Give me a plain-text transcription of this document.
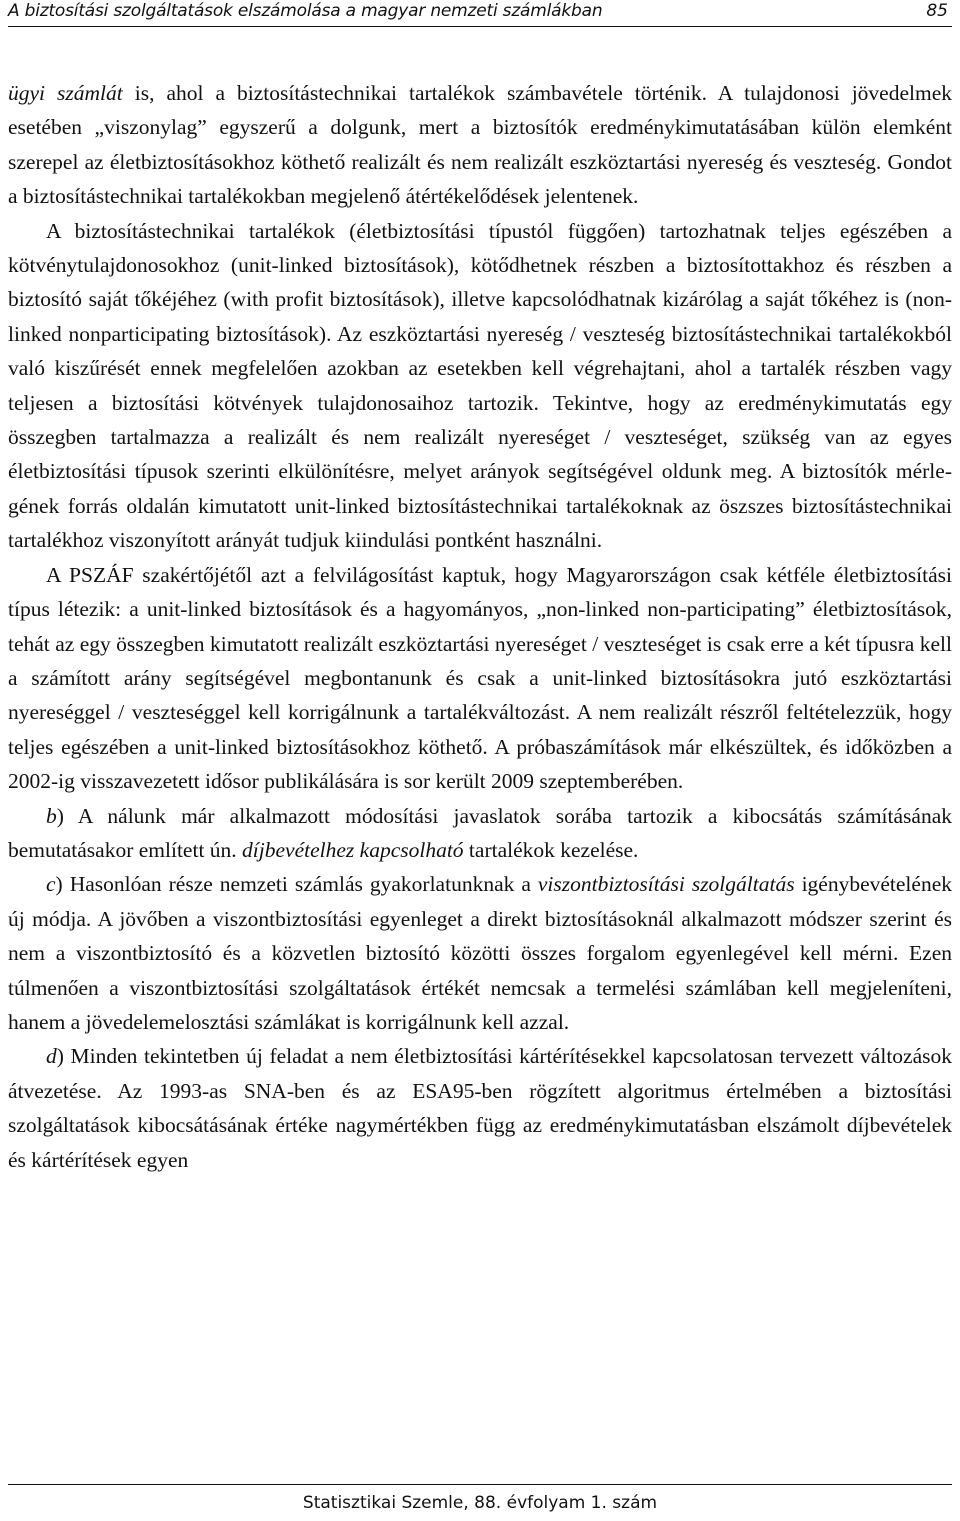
A biztosítási szolgáltatások elszámolása a magyar nemzeti számlákban	85

ügyi számlát is, ahol a biztosítástechnikai tartalékok számbavétele történik. A tulajdonosi jövedelmek esetében „viszonylag” egyszerű a dolgunk, mert a biztosítók eredménykimutatásában külön elemként szerepel az életbiztosításokhoz köthető realizált és nem realizált eszköztartási nyereség és veszteség. Gondot a biztosítástechnikai tartalékokban megjelenő átértékelődések jelentenek.

A biztosítástechnikai tartalékok (életbiztosítási típustól függően) tartozhatnak teljes egészében a kötvénytulajdonosokhoz (unit-linked biztosítások), kötődhetnek részben a biztosítottakhoz és részben a biztosító saját tőkéjéhez (with profit biztosítások), illetve kapcsolódhatnak kizárólag a saját tőkéhez is (non-linked nonparticipating biztosítások). Az eszköztartási nyereség / veszteség biztosítástechnikai tartalékokból való kiszűrését ennek megfelelően azokban az esetekben kell végrehajtani, ahol a tartalék részben vagy teljesen a biztosítási kötvények tulajdonosaihoz tartozik. Tekintve, hogy az eredménykimutatás egy összegben tartalmazza a realizált és nem realizált nyereséget / veszteséget, szükség van az egyes életbiztosítási típusok szerinti elkülönítésre, melyet arányok segítségével oldunk meg. A biztosítók mérlegének forrás oldalán kimutatott unit-linked biztosítástechnikai tartalékoknak az öszszes biztosítástechnikai tartalékhoz viszonyított arányát tudjuk kiindulási pontként használni.

A PSZÁF szakértőjétől azt a felvilágosítást kaptuk, hogy Magyarországon csak kétféle életbiztosítási típus létezik: a unit-linked biztosítások és a hagyományos, „non-linked non-participating” életbiztosítások, tehát az egy összegben kimutatott realizált eszköztartási nyereséget / veszteséget is csak erre a két típusra kell a számított arány segítségével megbontanunk és csak a unit-linked biztosításokra jutó eszköztartási nyereséggel / veszteséggel kell korrigálnunk a tartalékváltozást. A nem realizált részről feltételezzük, hogy teljes egészében a unit-linked biztosításokhoz köthető. A próbaszámítások már elkészültek, és időközben a 2002-ig visszavezetett idősor publikálására is sor került 2009 szeptemberében.

b) A nálunk már alkalmazott módosítási javaslatok sorába tartozik a kibocsátás számításának bemutatásakor említett ún. díjbevételhez kapcsolható tartalékok kezelése.

c) Hasonlóan része nemzeti számlás gyakorlatunknak a viszontbiztosítási szolgáltatás igénybevételének új módja. A jövőben a viszontbiztosítási egyenleget a direkt biztosításoknál alkalmazott módszer szerint és nem a viszontbiztosító és a közvetlen biztosító közötti összes forgalom egyenlegével kell mérni. Ezen túlmenően a viszontbiztosítási szolgáltatások értékét nemcsak a termelési számlában kell megjeleníteni, hanem a jövedelemelosztási számlákat is korrigálnunk kell azzal.

d) Minden tekintetben új feladat a nem életbiztosítási kártérítésekkel kapcsolatosan tervezett változások átvezetése. Az 1993-as SNA-ben és az ESA95-ben rögzített algoritmus értelmében a biztosítási szolgáltatások kibocsátásának értéke nagymértékben függ az eredménykimutatásban elszámolt díjbevételek és kártérítések egyen

Statisztikai Szemle, 88. évfolyam 1. szám
